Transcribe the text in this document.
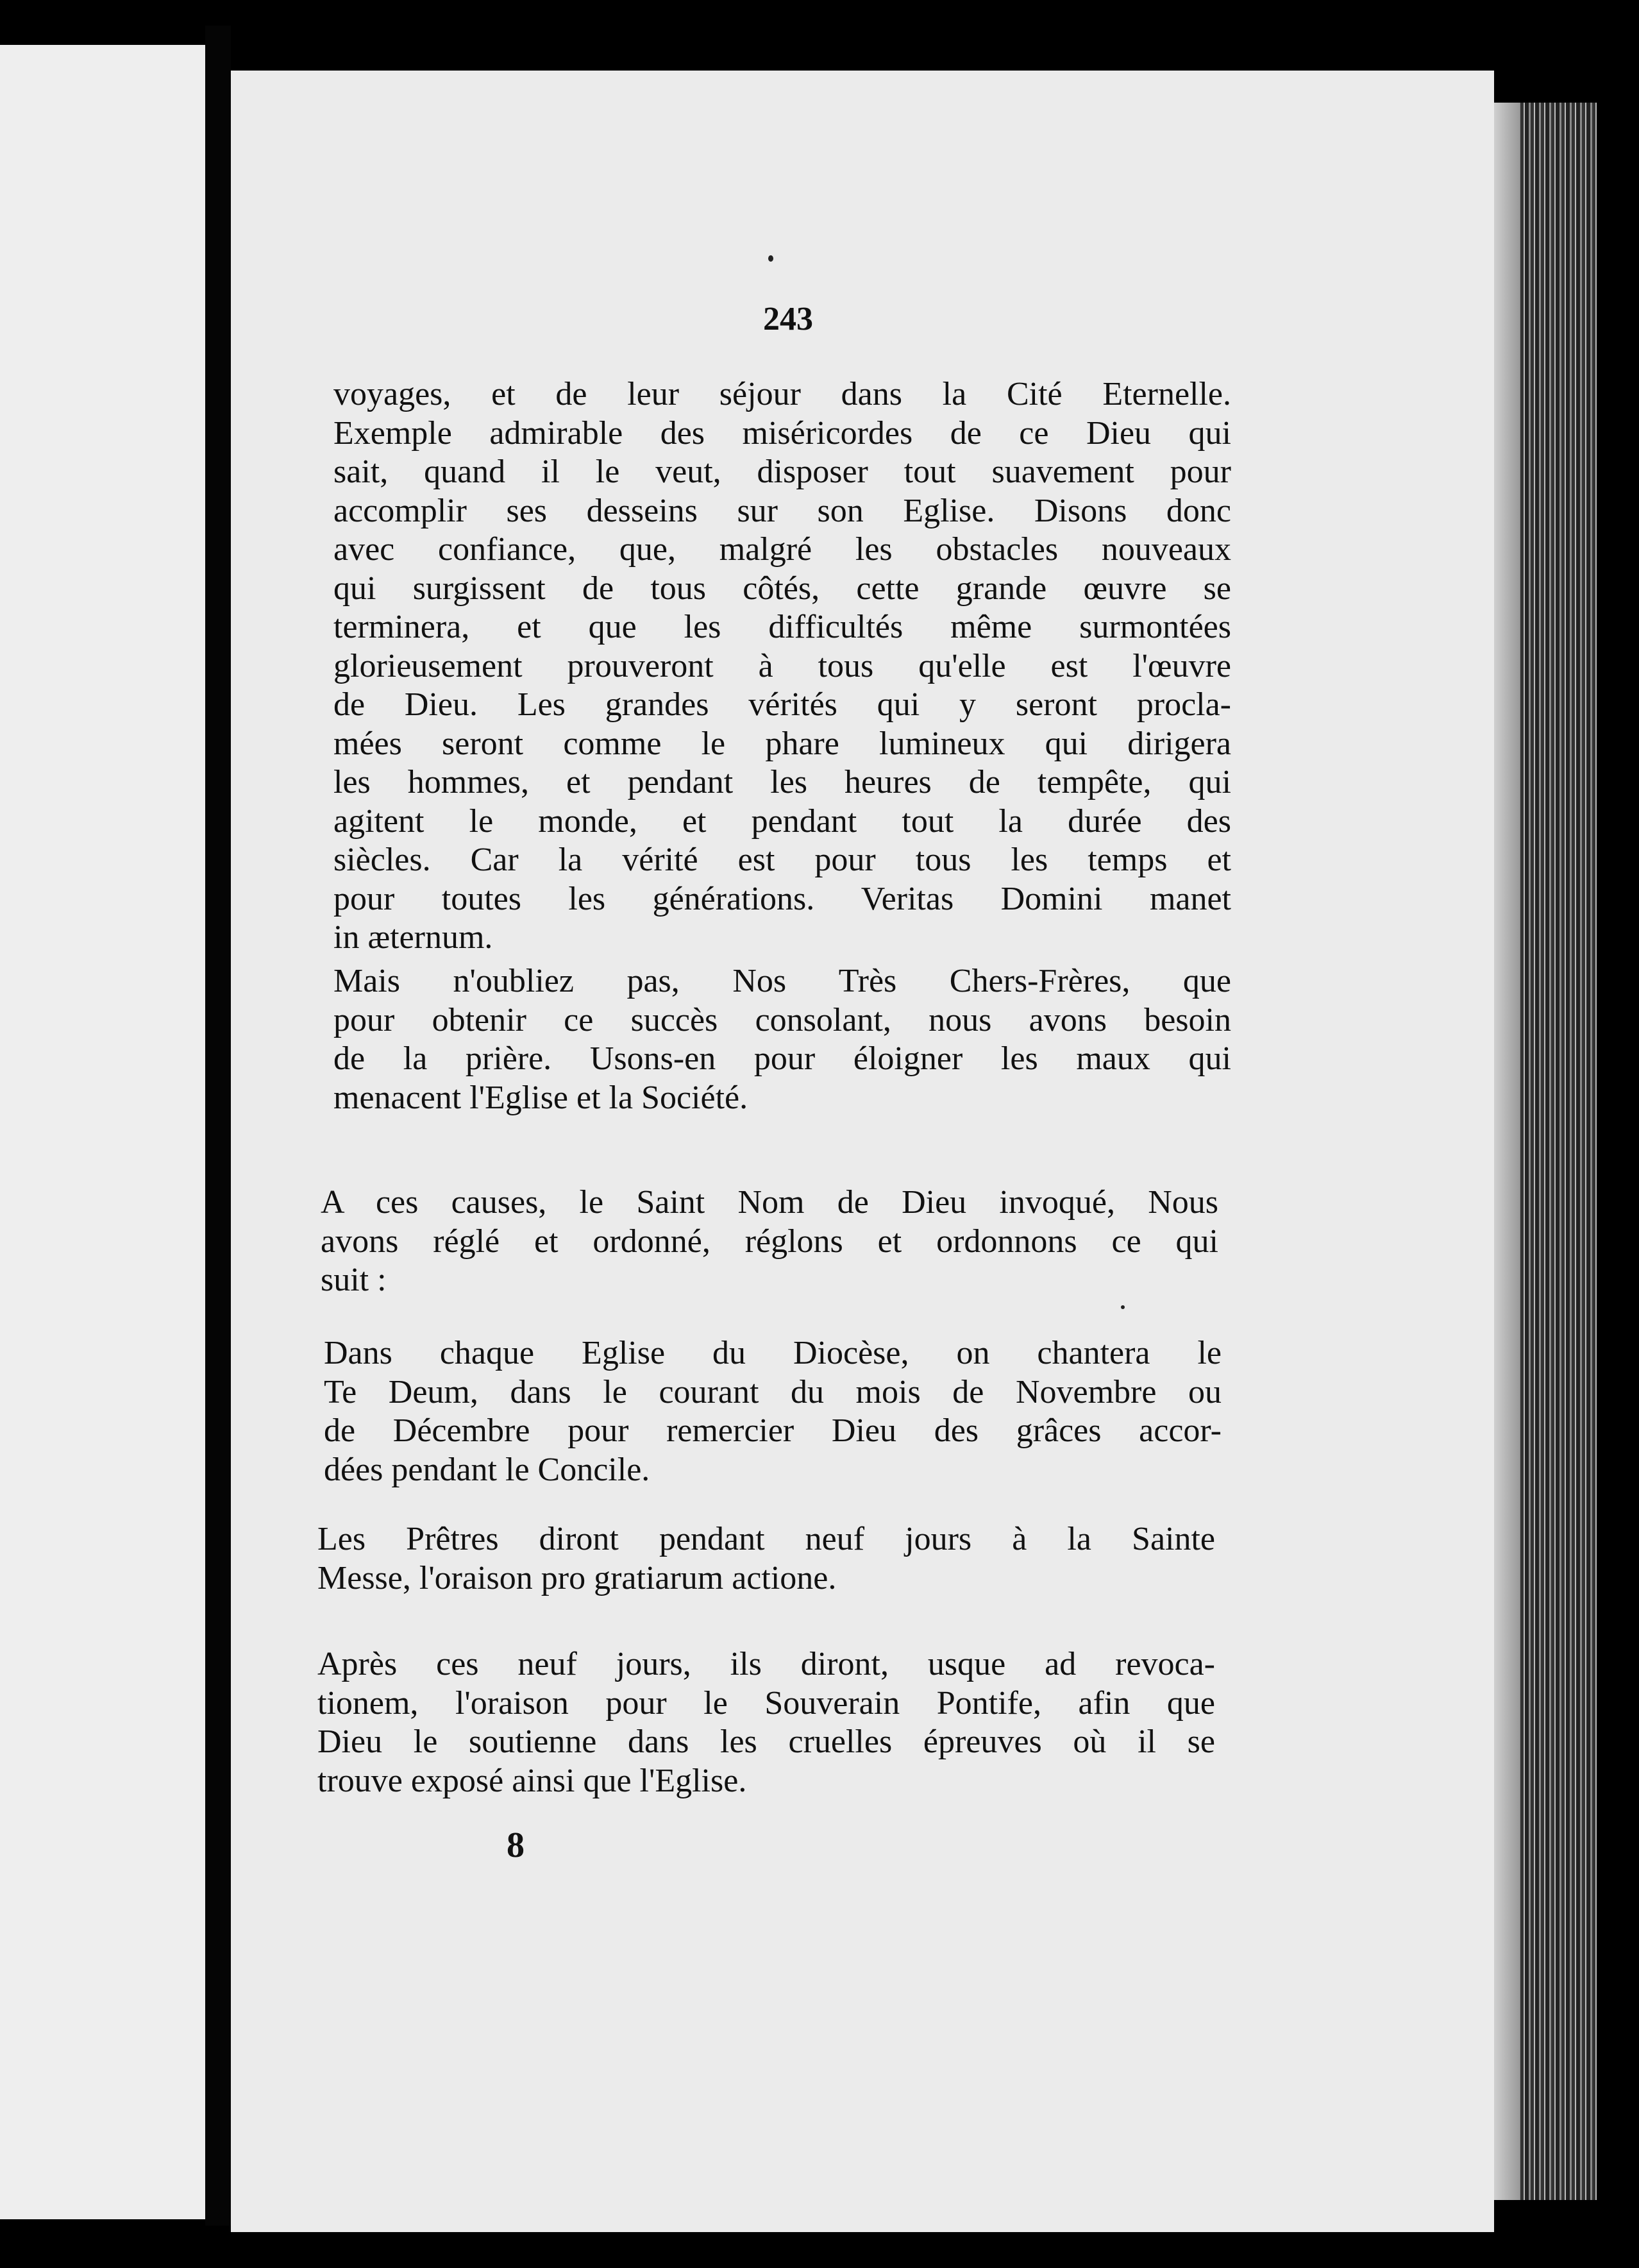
243

voyages, et de leur séjour dans la Cité Eternelle.
Exemple admirable des miséricordes de ce Dieu qui
sait, quand il le veut, disposer tout suavement pour
accomplir ses desseins sur son Eglise. Disons donc
avec confiance, que, malgré les obstacles nouveaux
qui surgissent de tous côtés, cette grande œuvre se
terminera, et que les difficultés même surmontées
glorieusement prouveront à tous qu'elle est l'œuvre
de Dieu. Les grandes vérités qui y seront procla-
mées seront comme le phare lumineux qui dirigera
les hommes, et pendant les heures de tempête, qui
agitent le monde, et pendant tout la durée des
siècles. Car la vérité est pour tous les temps et
pour toutes les générations. Veritas Domini manet
in æternum.

Mais n'oubliez pas, Nos Très Chers-Frères, que
pour obtenir ce succès consolant, nous avons besoin
de la prière. Usons-en pour éloigner les maux qui
menacent l'Eglise et la Société.

A ces causes, le Saint Nom de Dieu invoqué, Nous
avons réglé et ordonné, réglons et ordonnons ce qui
suit :

Dans chaque Eglise du Diocèse, on chantera le
Te Deum, dans le courant du mois de Novembre ou
de Décembre pour remercier Dieu des grâces accor-
dées pendant le Concile.

Les Prêtres diront pendant neuf jours à la Sainte
Messe, l'oraison pro gratiarum actione.

Après ces neuf jours, ils diront, usque ad revoca-
tionem, l'oraison pour le Souverain Pontife, afin que
Dieu le soutienne dans les cruelles épreuves où il se
trouve exposé ainsi que l'Eglise.

8
